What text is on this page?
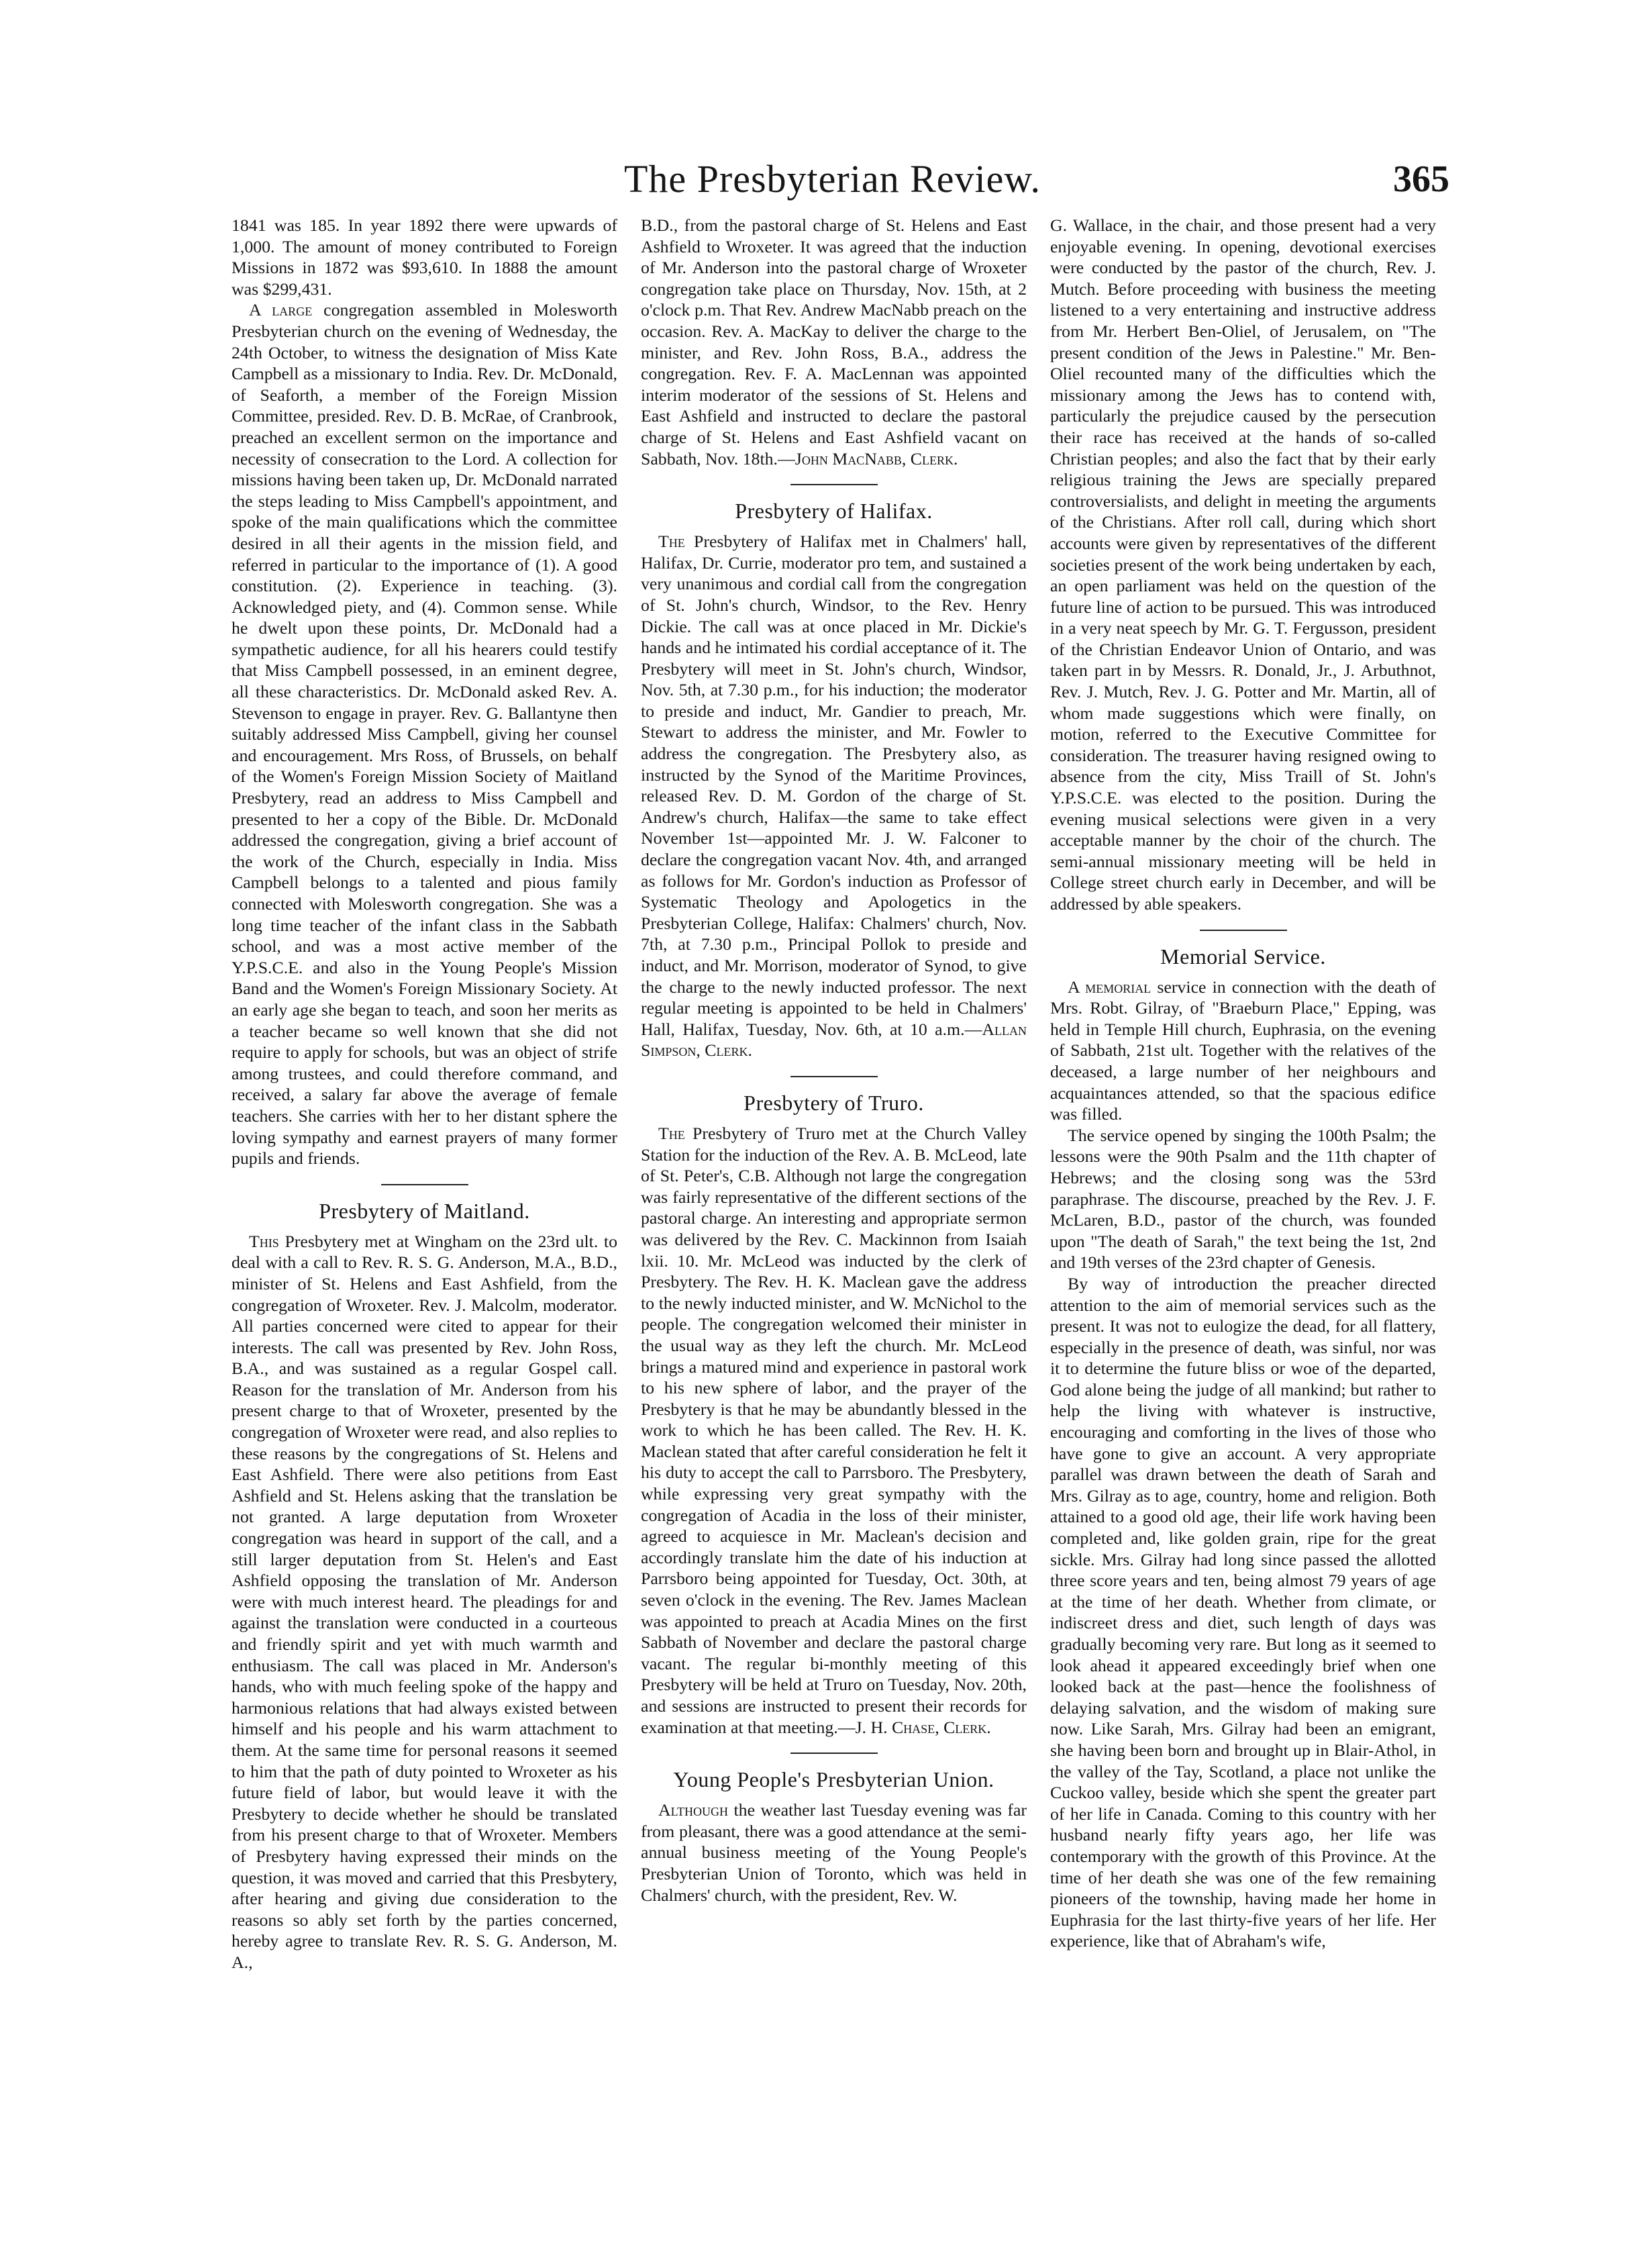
The Presbyterian Review.	365

1841 was 185. In year 1892 there were upwards of 1,000. The amount of money contributed to Foreign Missions in 1872 was $93,610. In 1888 the amount was $299,431.

A large congregation assembled in Molesworth Presbyterian church on the evening of Wednesday, the 24th October, to witness the designation of Miss Kate Campbell as a missionary to India. Rev. Dr. McDonald, of Seaforth, a member of the Foreign Mission Committee, presided. Rev. D. B. McRae, of Cranbrook, preached an excellent sermon on the importance and necessity of consecration to the Lord. A collection for missions having been taken up, Dr. McDonald narrated the steps leading to Miss Campbell's appointment, and spoke of the main qualifications which the committee desired in all their agents in the mission field, and referred in particular to the importance of (1). A good constitution. (2). Experience in teaching. (3). Acknowledged piety, and (4). Common sense. While he dwelt upon these points, Dr. McDonald had a sympathetic audience, for all his hearers could testify that Miss Campbell possessed, in an eminent degree, all these characteristics. Dr. McDonald asked Rev. A. Stevenson to engage in prayer. Rev. G. Ballantyne then suitably addressed Miss Campbell, giving her counsel and encouragement. Mrs Ross, of Brussels, on behalf of the Women's Foreign Mission Society of Maitland Presbytery, read an address to Miss Campbell and presented to her a copy of the Bible. Dr. McDonald addressed the congregation, giving a brief account of the work of the Church, especially in India. Miss Campbell belongs to a talented and pious family connected with Molesworth congregation. She was a long time teacher of the infant class in the Sabbath school, and was a most active member of the Y.P.S.C.E. and also in the Young People's Mission Band and the Women's Foreign Missionary Society. At an early age she began to teach, and soon her merits as a teacher became so well known that she did not require to apply for schools, but was an object of strife among trustees, and could therefore command, and received, a salary far above the average of female teachers. She carries with her to her distant sphere the loving sympathy and earnest prayers of many former pupils and friends.

Presbytery of Maitland.

This Presbytery met at Wingham on the 23rd ult. to deal with a call to Rev. R. S. G. Anderson, M.A., B.D., minister of St. Helens and East Ashfield, from the congregation of Wroxeter. Rev. J. Malcolm, moderator. All parties concerned were cited to appear for their interests. The call was presented by Rev. John Ross, B.A., and was sustained as a regular Gospel call. Reason for the translation of Mr. Anderson from his present charge to that of Wroxeter, presented by the congregation of Wroxeter were read, and also replies to these reasons by the congregations of St. Helens and East Ashfield. There were also petitions from East Ashfield and St. Helens asking that the translation be not granted. A large deputation from Wroxeter congregation was heard in support of the call, and a still larger deputation from St. Helen's and East Ashfield opposing the translation of Mr. Anderson were with much interest heard. The pleadings for and against the translation were conducted in a courteous and friendly spirit and yet with much warmth and enthusiasm. The call was placed in Mr. Anderson's hands, who with much feeling spoke of the happy and harmonious relations that had always existed between himself and his people and his warm attachment to them. At the same time for personal reasons it seemed to him that the path of duty pointed to Wroxeter as his future field of labor, but would leave it with the Presbytery to decide whether he should be translated from his present charge to that of Wroxeter. Members of Presbytery having expressed their minds on the question, it was moved and carried that this Presbytery, after hearing and giving due consideration to the reasons so ably set forth by the parties concerned, hereby agree to translate Rev. R. S. G. Anderson, M. A.,

B.D., from the pastoral charge of St. Helens and East Ashfield to Wroxeter. It was agreed that the induction of Mr. Anderson into the pastoral charge of Wroxeter congregation take place on Thursday, Nov. 15th, at 2 o'clock p.m. That Rev. Andrew MacNabb preach on the occasion. Rev. A. MacKay to deliver the charge to the minister, and Rev. John Ross, B.A., address the congregation. Rev. F. A. MacLennan was appointed interim moderator of the sessions of St. Helens and East Ashfield and instructed to declare the pastoral charge of St. Helens and East Ashfield vacant on Sabbath, Nov. 18th.—John MacNabb, Clerk.

Presbytery of Halifax.

The Presbytery of Halifax met in Chalmers' hall, Halifax, Dr. Currie, moderator pro tem, and sustained a very unanimous and cordial call from the congregation of St. John's church, Windsor, to the Rev. Henry Dickie. The call was at once placed in Mr. Dickie's hands and he intimated his cordial acceptance of it. The Presbytery will meet in St. John's church, Windsor, Nov. 5th, at 7.30 p.m., for his induction; the moderator to preside and induct, Mr. Gandier to preach, Mr. Stewart to address the minister, and Mr. Fowler to address the congregation. The Presbytery also, as instructed by the Synod of the Maritime Provinces, released Rev. D. M. Gordon of the charge of St. Andrew's church, Halifax—the same to take effect November 1st—appointed Mr. J. W. Falconer to declare the congregation vacant Nov. 4th, and arranged as follows for Mr. Gordon's induction as Professor of Systematic Theology and Apologetics in the Presbyterian College, Halifax: Chalmers' church, Nov. 7th, at 7.30 p.m., Principal Pollok to preside and induct, and Mr. Morrison, moderator of Synod, to give the charge to the newly inducted professor. The next regular meeting is appointed to be held in Chalmers' Hall, Halifax, Tuesday, Nov. 6th, at 10 a.m.—Allan Simpson, Clerk.

Presbytery of Truro.

The Presbytery of Truro met at the Church Valley Station for the induction of the Rev. A. B. McLeod, late of St. Peter's, C.B. Although not large the congregation was fairly representative of the different sections of the pastoral charge. An interesting and appropriate sermon was delivered by the Rev. C. Mackinnon from Isaiah lxii. 10. Mr. McLeod was inducted by the clerk of Presbytery. The Rev. H. K. Maclean gave the address to the newly inducted minister, and W. McNichol to the people. The congregation welcomed their minister in the usual way as they left the church. Mr. McLeod brings a matured mind and experience in pastoral work to his new sphere of labor, and the prayer of the Presbytery is that he may be abundantly blessed in the work to which he has been called. The Rev. H. K. Maclean stated that after careful consideration he felt it his duty to accept the call to Parrsboro. The Presbytery, while expressing very great sympathy with the congregation of Acadia in the loss of their minister, agreed to acquiesce in Mr. Maclean's decision and accordingly translate him the date of his induction at Parrsboro being appointed for Tuesday, Oct. 30th, at seven o'clock in the evening. The Rev. James Maclean was appointed to preach at Acadia Mines on the first Sabbath of November and declare the pastoral charge vacant. The regular bi-monthly meeting of this Presbytery will be held at Truro on Tuesday, Nov. 20th, and sessions are instructed to present their records for examination at that meeting.—J. H. Chase, Clerk.

Young People's Presbyterian Union.

Although the weather last Tuesday evening was far from pleasant, there was a good attendance at the semi-annual business meeting of the Young People's Presbyterian Union of Toronto, which was held in Chalmers' church, with the president, Rev. W.

G. Wallace, in the chair, and those present had a very enjoyable evening. In opening, devotional exercises were conducted by the pastor of the church, Rev. J. Mutch. Before proceeding with business the meeting listened to a very entertaining and instructive address from Mr. Herbert Ben-Oliel, of Jerusalem, on "The present condition of the Jews in Palestine." Mr. Ben-Oliel recounted many of the difficulties which the missionary among the Jews has to contend with, particularly the prejudice caused by the persecution their race has received at the hands of so-called Christian peoples; and also the fact that by their early religious training the Jews are specially prepared controversialists, and delight in meeting the arguments of the Christians. After roll call, during which short accounts were given by representatives of the different societies present of the work being undertaken by each, an open parliament was held on the question of the future line of action to be pursued. This was introduced in a very neat speech by Mr. G. T. Fergusson, president of the Christian Endeavor Union of Ontario, and was taken part in by Messrs. R. Donald, Jr., J. Arbuthnot, Rev. J. Mutch, Rev. J. G. Potter and Mr. Martin, all of whom made suggestions which were finally, on motion, referred to the Executive Committee for consideration. The treasurer having resigned owing to absence from the city, Miss Traill of St. John's Y.P.S.C.E. was elected to the position. During the evening musical selections were given in a very acceptable manner by the choir of the church. The semi-annual missionary meeting will be held in College street church early in December, and will be addressed by able speakers.

Memorial Service.

A memorial service in connection with the death of Mrs. Robt. Gilray, of "Braeburn Place," Epping, was held in Temple Hill church, Euphrasia, on the evening of Sabbath, 21st ult. Together with the relatives of the deceased, a large number of her neighbours and acquaintances attended, so that the spacious edifice was filled.

The service opened by singing the 100th Psalm; the lessons were the 90th Psalm and the 11th chapter of Hebrews; and the closing song was the 53rd paraphrase. The discourse, preached by the Rev. J. F. McLaren, B.D., pastor of the church, was founded upon "The death of Sarah," the text being the 1st, 2nd and 19th verses of the 23rd chapter of Genesis.

By way of introduction the preacher directed attention to the aim of memorial services such as the present. It was not to eulogize the dead, for all flattery, especially in the presence of death, was sinful, nor was it to determine the future bliss or woe of the departed, God alone being the judge of all mankind; but rather to help the living with whatever is instructive, encouraging and comforting in the lives of those who have gone to give an account. A very appropriate parallel was drawn between the death of Sarah and Mrs. Gilray as to age, country, home and religion. Both attained to a good old age, their life work having been completed and, like golden grain, ripe for the great sickle. Mrs. Gilray had long since passed the allotted three score years and ten, being almost 79 years of age at the time of her death. Whether from climate, or indiscreet dress and diet, such length of days was gradually becoming very rare. But long as it seemed to look ahead it appeared exceedingly brief when one looked back at the past—hence the foolishness of delaying salvation, and the wisdom of making sure now. Like Sarah, Mrs. Gilray had been an emigrant, she having been born and brought up in Blair-Athol, in the valley of the Tay, Scotland, a place not unlike the Cuckoo valley, beside which she spent the greater part of her life in Canada. Coming to this country with her husband nearly fifty years ago, her life was contemporary with the growth of this Province. At the time of her death she was one of the few remaining pioneers of the township, having made her home in Euphrasia for the last thirty-five years of her life. Her experience, like that of Abraham's wife,
